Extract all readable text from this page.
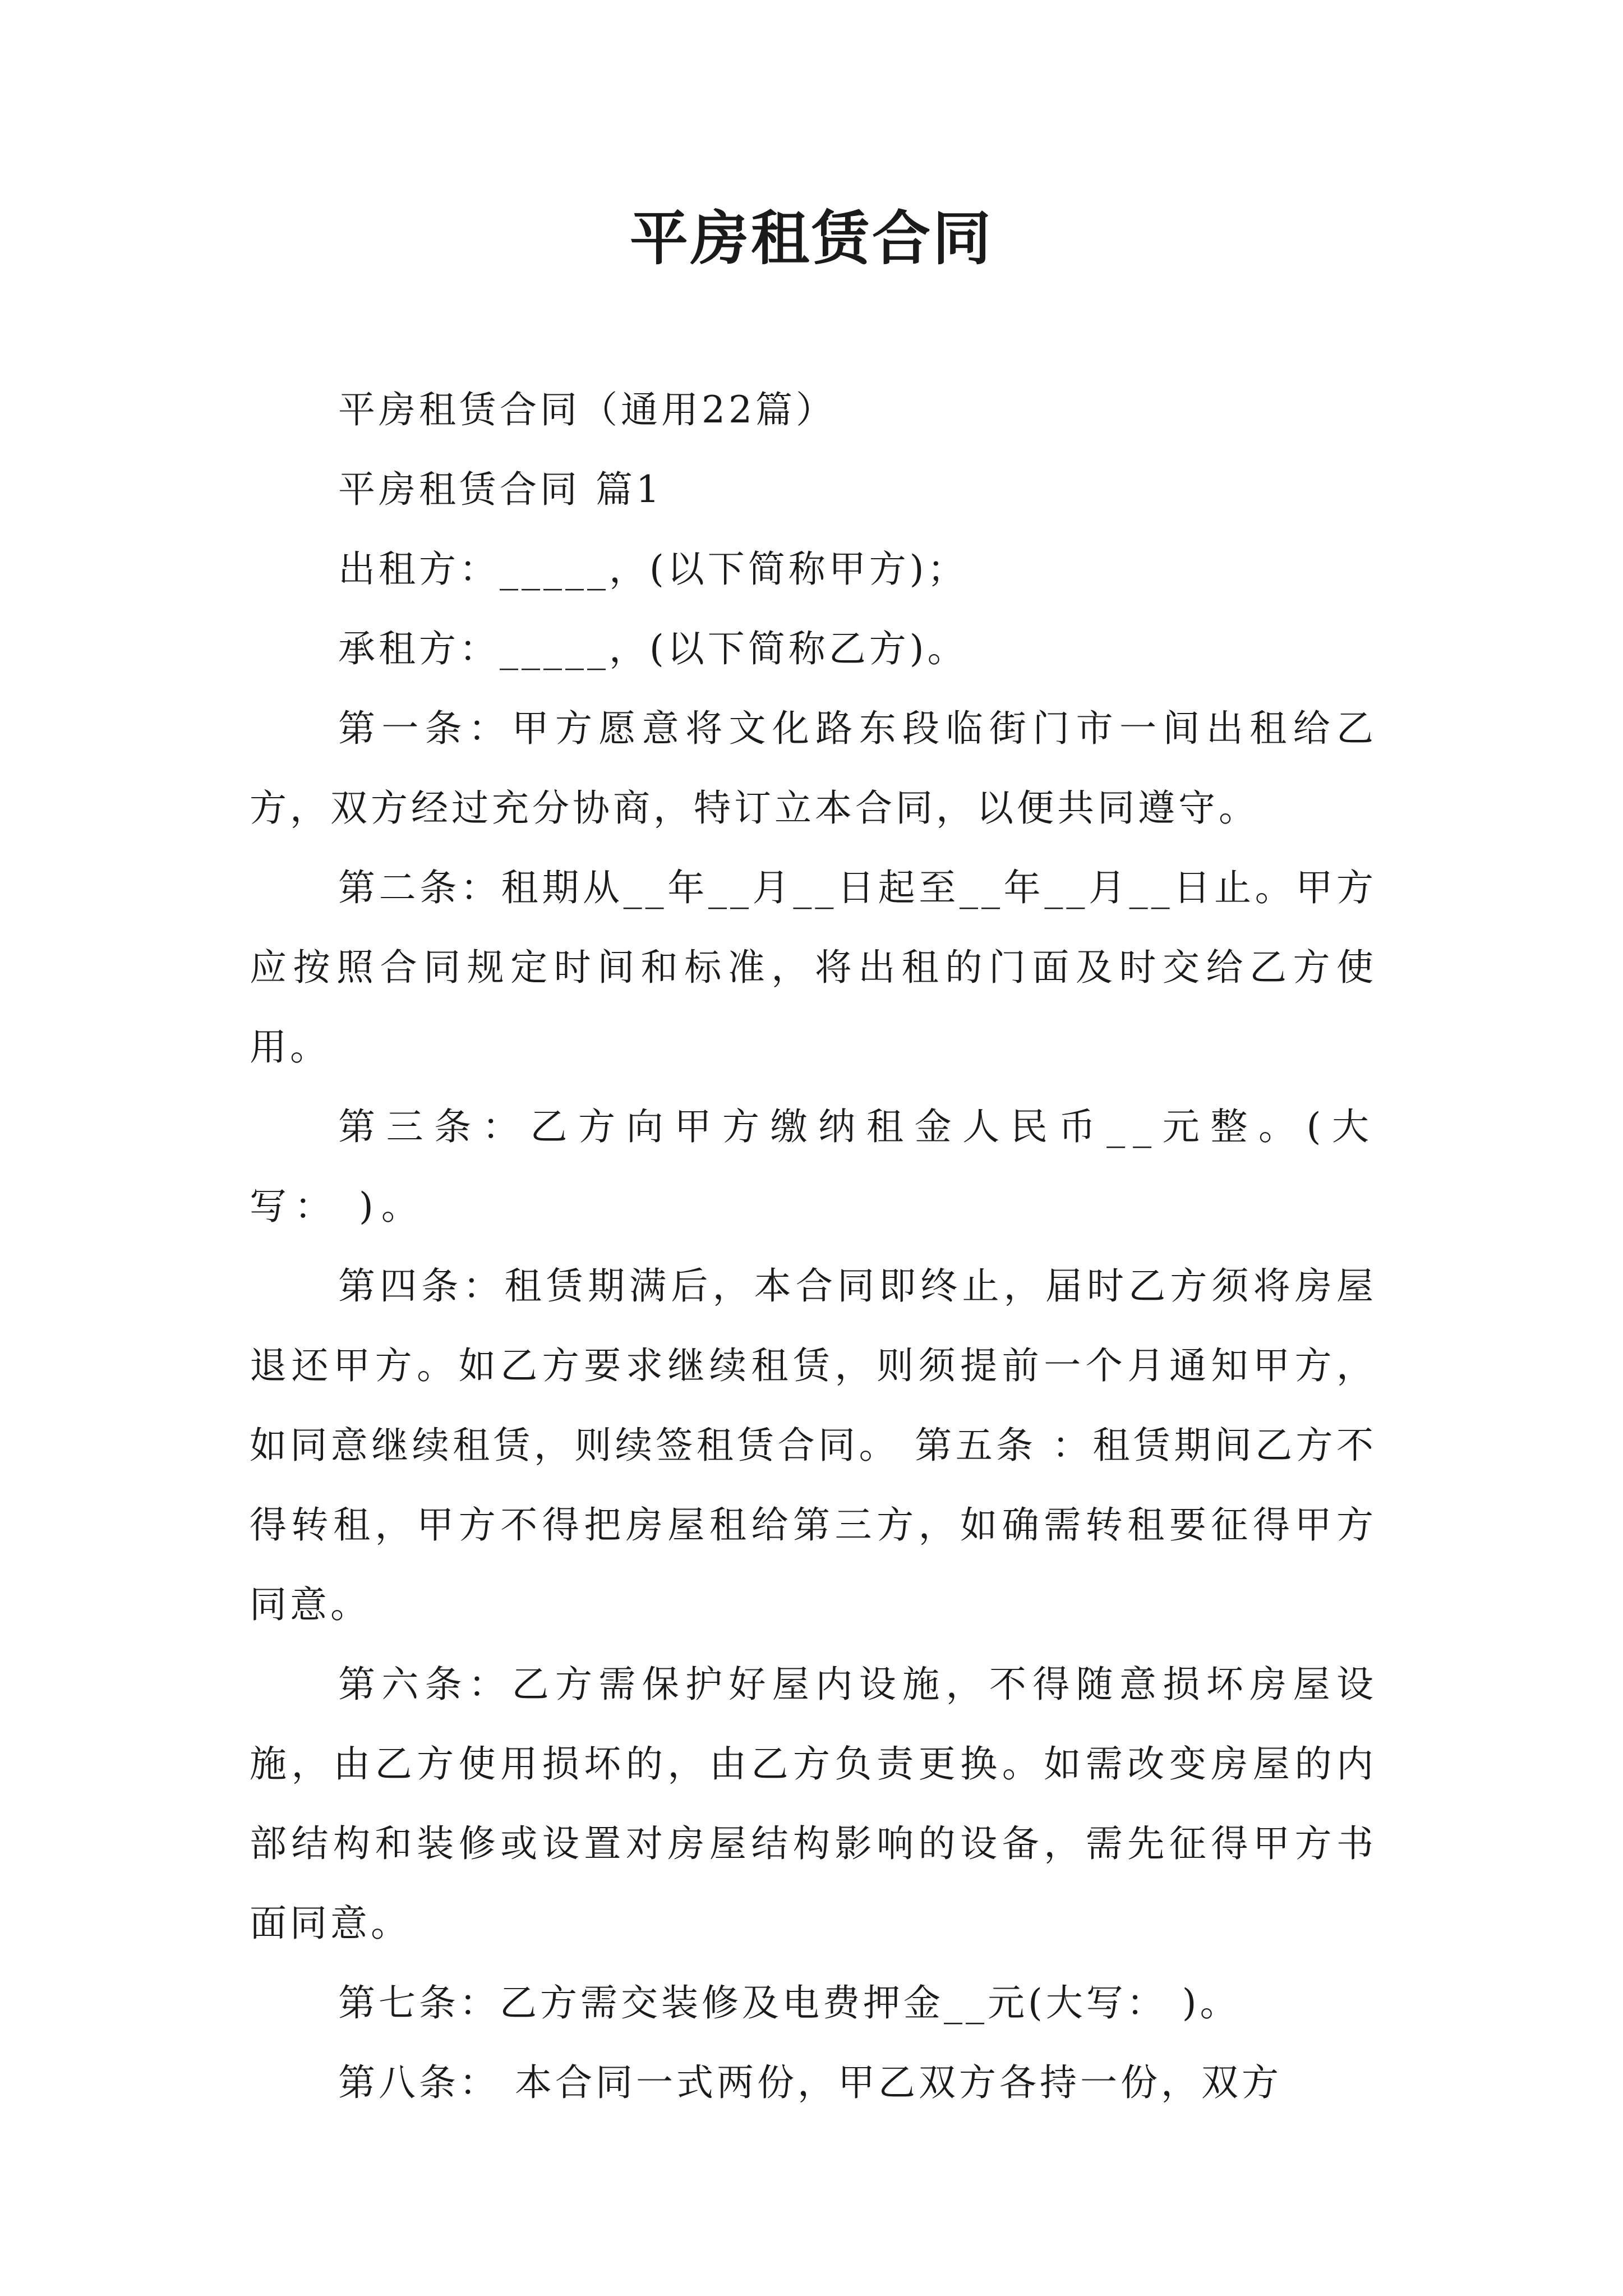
平房租赁合同

平房租赁合同（通用22篇）

平房租赁合同 篇1

出租方：_____，(以下简称甲方)；

承租方：_____，(以下简称乙方)。

第一条：甲方愿意将文化路东段临街门市一间出租给乙方，双方经过充分协商，特订立本合同，以便共同遵守。

第二条：租期从__年__月__日起至__年__月__日止。甲方应按照合同规定时间和标准，将出租的门面及时交给乙方使用。

第三条：乙方向甲方缴纳租金人民币__元整。(大写： )。

第四条：租赁期满后，本合同即终止，届时乙方须将房屋退还甲方。如乙方要求继续租赁，则须提前一个月通知甲方，如同意继续租赁，则续签租赁合同。 第五条 ：租赁期间乙方不得转租，甲方不得把房屋租给第三方，如确需转租要征得甲方同意。

第六条：乙方需保护好屋内设施，不得随意损坏房屋设施，由乙方使用损坏的，由乙方负责更换。如需改变房屋的内部结构和装修或设置对房屋结构影响的设备，需先征得甲方书面同意。

第七条：乙方需交装修及电费押金__元(大写： )。

第八条： 本合同一式两份，甲乙双方各持一份，双方
